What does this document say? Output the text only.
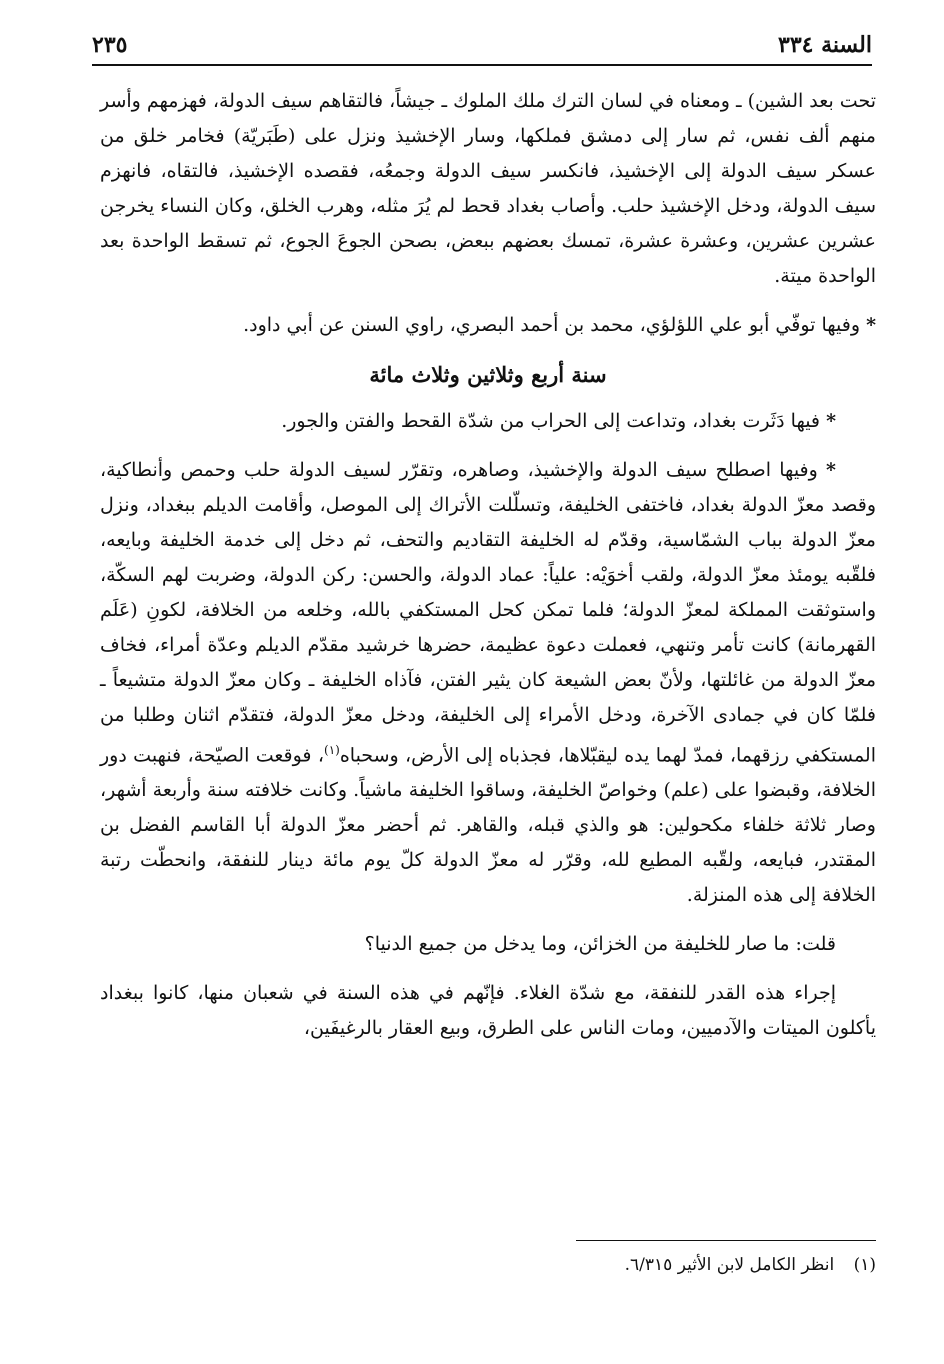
السنة ٣٣٤
٢٣٥

تحت بعد الشين) ـ ومعناه في لسان الترك ملك الملوك ـ جيشاً، فالتقاهم سيف الدولة، فهزمهم وأسر منهم ألف نفس، ثم سار إلى دمشق فملكها، وسار الإخشيذ ونزل على (طَبَريّة) فخامر خلق من عسكر سيف الدولة إلى الإخشيذ، فانكسر سيف الدولة وجمعُه، فقصده الإخشيذ، فالتقاه، فانهزم سيف الدولة، ودخل الإخشيذ حلب. وأصاب بغداد قحط لم يُرَ مثله، وهرب الخلق، وكان النساء يخرجن عشرين عشرين، وعشرة عشرة، تمسك بعضهم ببعض، بصحن الجوعَ الجوع، ثم تسقط الواحدة بعد الواحدة ميتة.

* وفيها توفّي أبو علي اللؤلؤي، محمد بن أحمد البصري، راوي السنن عن أبي داود.

سنة أربع وثلاثين وثلاث مائة

* فيها دَثَرت بغداد، وتداعت إلى الحراب من شدّة القحط والفتن والجور.

* وفيها اصطلح سيف الدولة والإخشيذ، وصاهره، وتقرّر لسيف الدولة حلب وحمص وأنطاكية، وقصد معزّ الدولة بغداد، فاختفى الخليفة، وتسلّلت الأتراك إلى الموصل، وأقامت الديلم ببغداد، ونزل معزّ الدولة بباب الشمّاسية، وقدّم له الخليفة التقاديم والتحف، ثم دخل إلى خدمة الخليفة وبايعه، فلقّبه يومئذ معزّ الدولة، ولقب أخوَيْه: علياً: عماد الدولة، والحسن: ركن الدولة، وضربت لهم السكّة، واستوثقت المملكة لمعزّ الدولة؛ فلما تمكن كحل المستكفي بالله، وخلعه من الخلافة، لكونِ (عَلَم القهرمانة) كانت تأمر وتنهي، فعملت دعوة عظيمة، حضرها خرشيد مقدّم الديلم وعدّة أمراء، فخاف معزّ الدولة من غائلتها، ولأنّ بعض الشيعة كان يثير الفتن، فآذاه الخليفة ـ وكان معزّ الدولة متشيعاً ـ فلمّا كان في جمادى الآخرة، ودخل الأمراء إلى الخليفة، ودخل معزّ الدولة، فتقدّم اثنان وطلبا من المستكفي رزقهما، فمدّ لهما يده ليقبّلاها، فجذباه إلى الأرض، وسحباه$^{(١)}$، فوقعت الصيّحة، فنهبت دور الخلافة، وقبضوا على (علم) وخواصّ الخليفة، وساقوا الخليفة ماشياً. وكانت خلافته سنة وأربعة أشهر، وصار ثلاثة خلفاء مكحولين: هو والذي قبله، والقاهر. ثم أحضر معزّ الدولة أبا القاسم الفضل بن المقتدر، فبايعه، ولقّبه المطيع لله، وقرّر له معزّ الدولة كلّ يوم مائة دينار للنفقة، وانحطّت رتبة الخلافة إلى هذه المنزلة.

قلت: ما صار للخليفة من الخزائن، وما يدخل من جميع الدنيا؟

إجراء هذه القدر للنفقة، مع شدّة الغلاء. فإنّهم في هذه السنة في شعبان منها، كانوا ببغداد يأكلون الميتات والآدميين، ومات الناس على الطرق، وبيع العقار بالرغيفَين،

(١) انظر الكامل لابن الأثير ٦/٣١٥.
